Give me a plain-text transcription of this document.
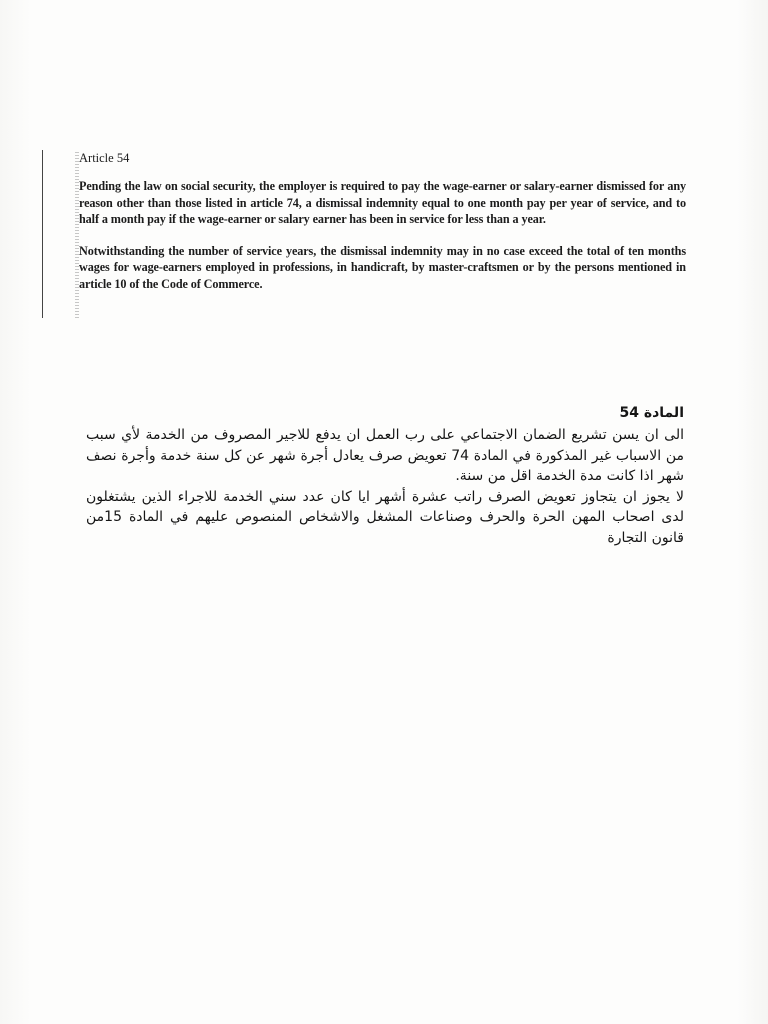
Article 54

Pending the law on social security, the employer is required to pay the wage-earner or salary-earner dismissed for any reason other than those listed in article 74, a dismissal indemnity equal to one month pay per year of service, and to half a month pay if the wage-earner or salary earner has been in service for less than a year.

Notwithstanding the number of service years, the dismissal indemnity may in no case exceed the total of ten months wages for wage-earners employed in professions, in handicraft, by master-craftsmen or by the persons mentioned in article 10 of the Code of Commerce.

المادة 54

الى ان يسن تشريع الضمان الاجتماعي على رب العمل ان يدفع للاجير المصروف من الخدمة لأي سبب من الاسباب غير المذكورة في المادة 74 تعويض صرف يعادل أجرة شهر عن كل سنة خدمة وأجرة نصف شهر اذا كانت مدة الخدمة اقل من سنة.

لا يجوز ان يتجاوز تعويض الصرف راتب عشرة أشهر ايا كان عدد سني الخدمة للاجراء الذين يشتغلون لدى اصحاب المهن الحرة والحرف وصناعات المشغل والاشخاص المنصوص عليهم في المادة 15من قانون التجارة
